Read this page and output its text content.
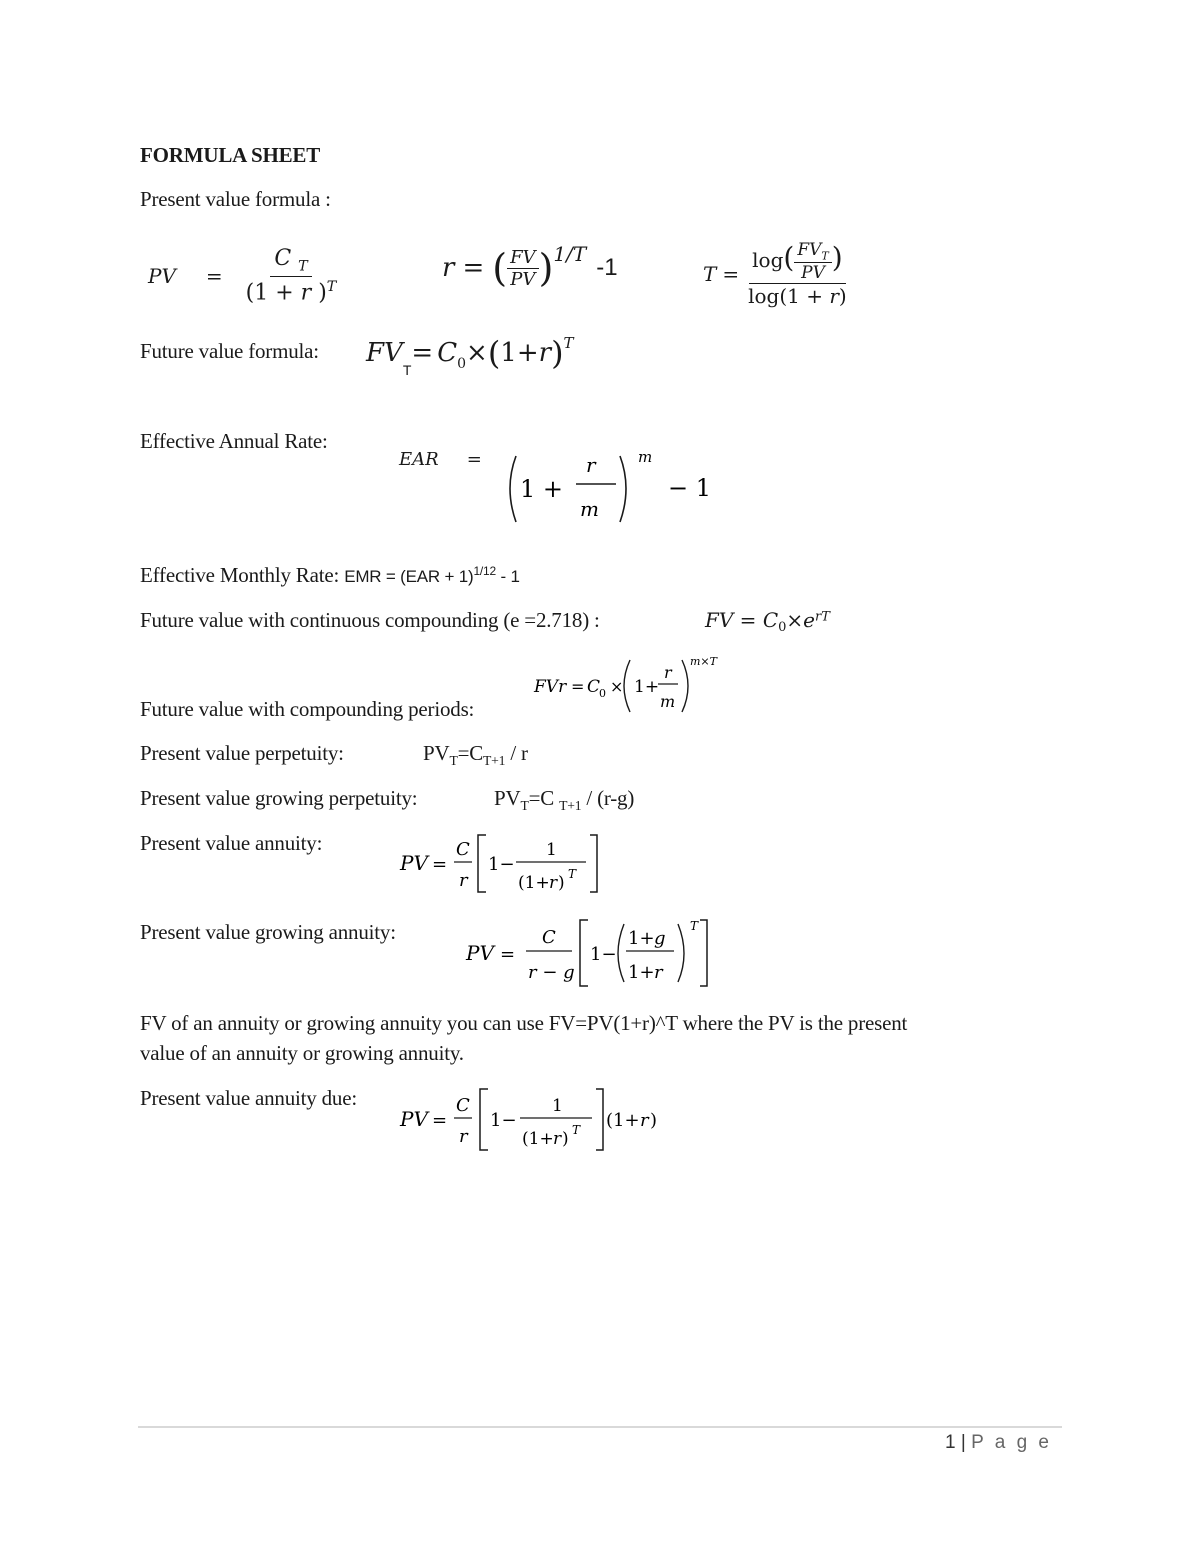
FORMULA SHEET
Present value formula :
PV = $\frac{C _T}{(1 + r )^T}$	r = ( $\frac{FV}{PV}$ ) 1/T -1	$T = \frac{\log( \frac{FV_T}{PV} )}{\log(1 + r)}$
Future value formula: FV
T
= $C_0$ × ( 1+ r ) T
Effective Annual Rate:
EAR =
1 +
r
m
m
− 1
Effective Monthly Rate: EMR = (EAR + 1)$^{1/12}$ - 1
Future value with continuous compounding (e =2.718) :	FV = $C_0\times e^{rT}$
FVr = C
0 × 1+
r
m
m×T
Future value with compounding periods:
Present value perpetuity:	$PV_T=C_{T+1} / r$
Present value growing perpetuity:	$PV_T=C$ $_{T+1}$ / (r-g)
Present value annuity:
PV =
C
r
1−
1
(1+ r ) T
Present value growing annuity:
PV =
C
r − g
1−
1+ g
1+ r
T
FV of an annuity or growing annuity you can use FV=PV(1+r)^T where the PV is the present
value of an annuity or growing annuity.
Present value annuity due:
PV =
C
r
1−
1
(1+ r ) T (1+ r )
1 | P a g e
